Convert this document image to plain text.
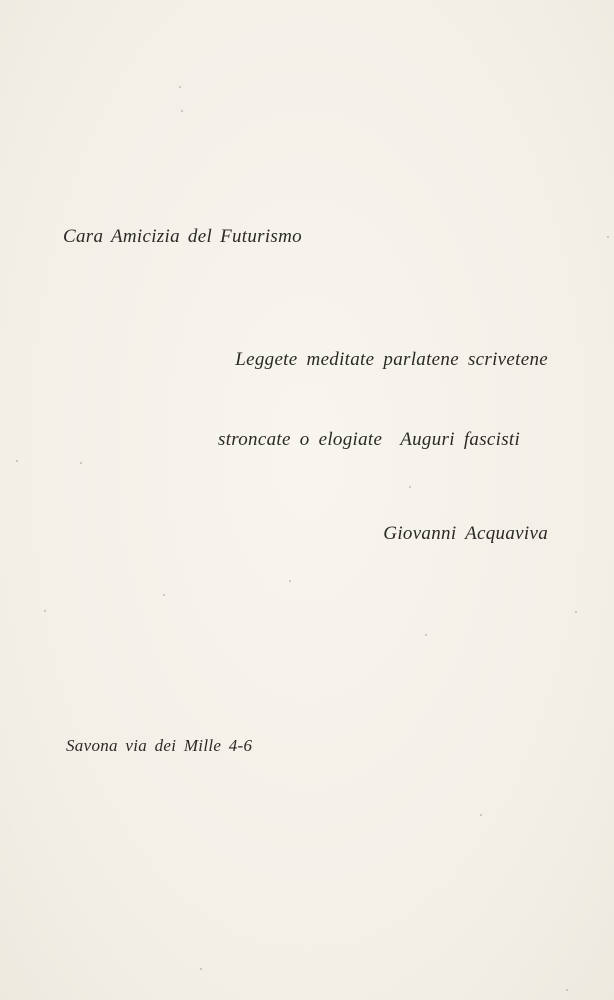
Cara Amicizia del Futurismo
Leggete meditate parlatene scrivetene
stroncate o elogiate Auguri fascisti
Giovanni Acquaviva
Savona via dei Mille 4-6
